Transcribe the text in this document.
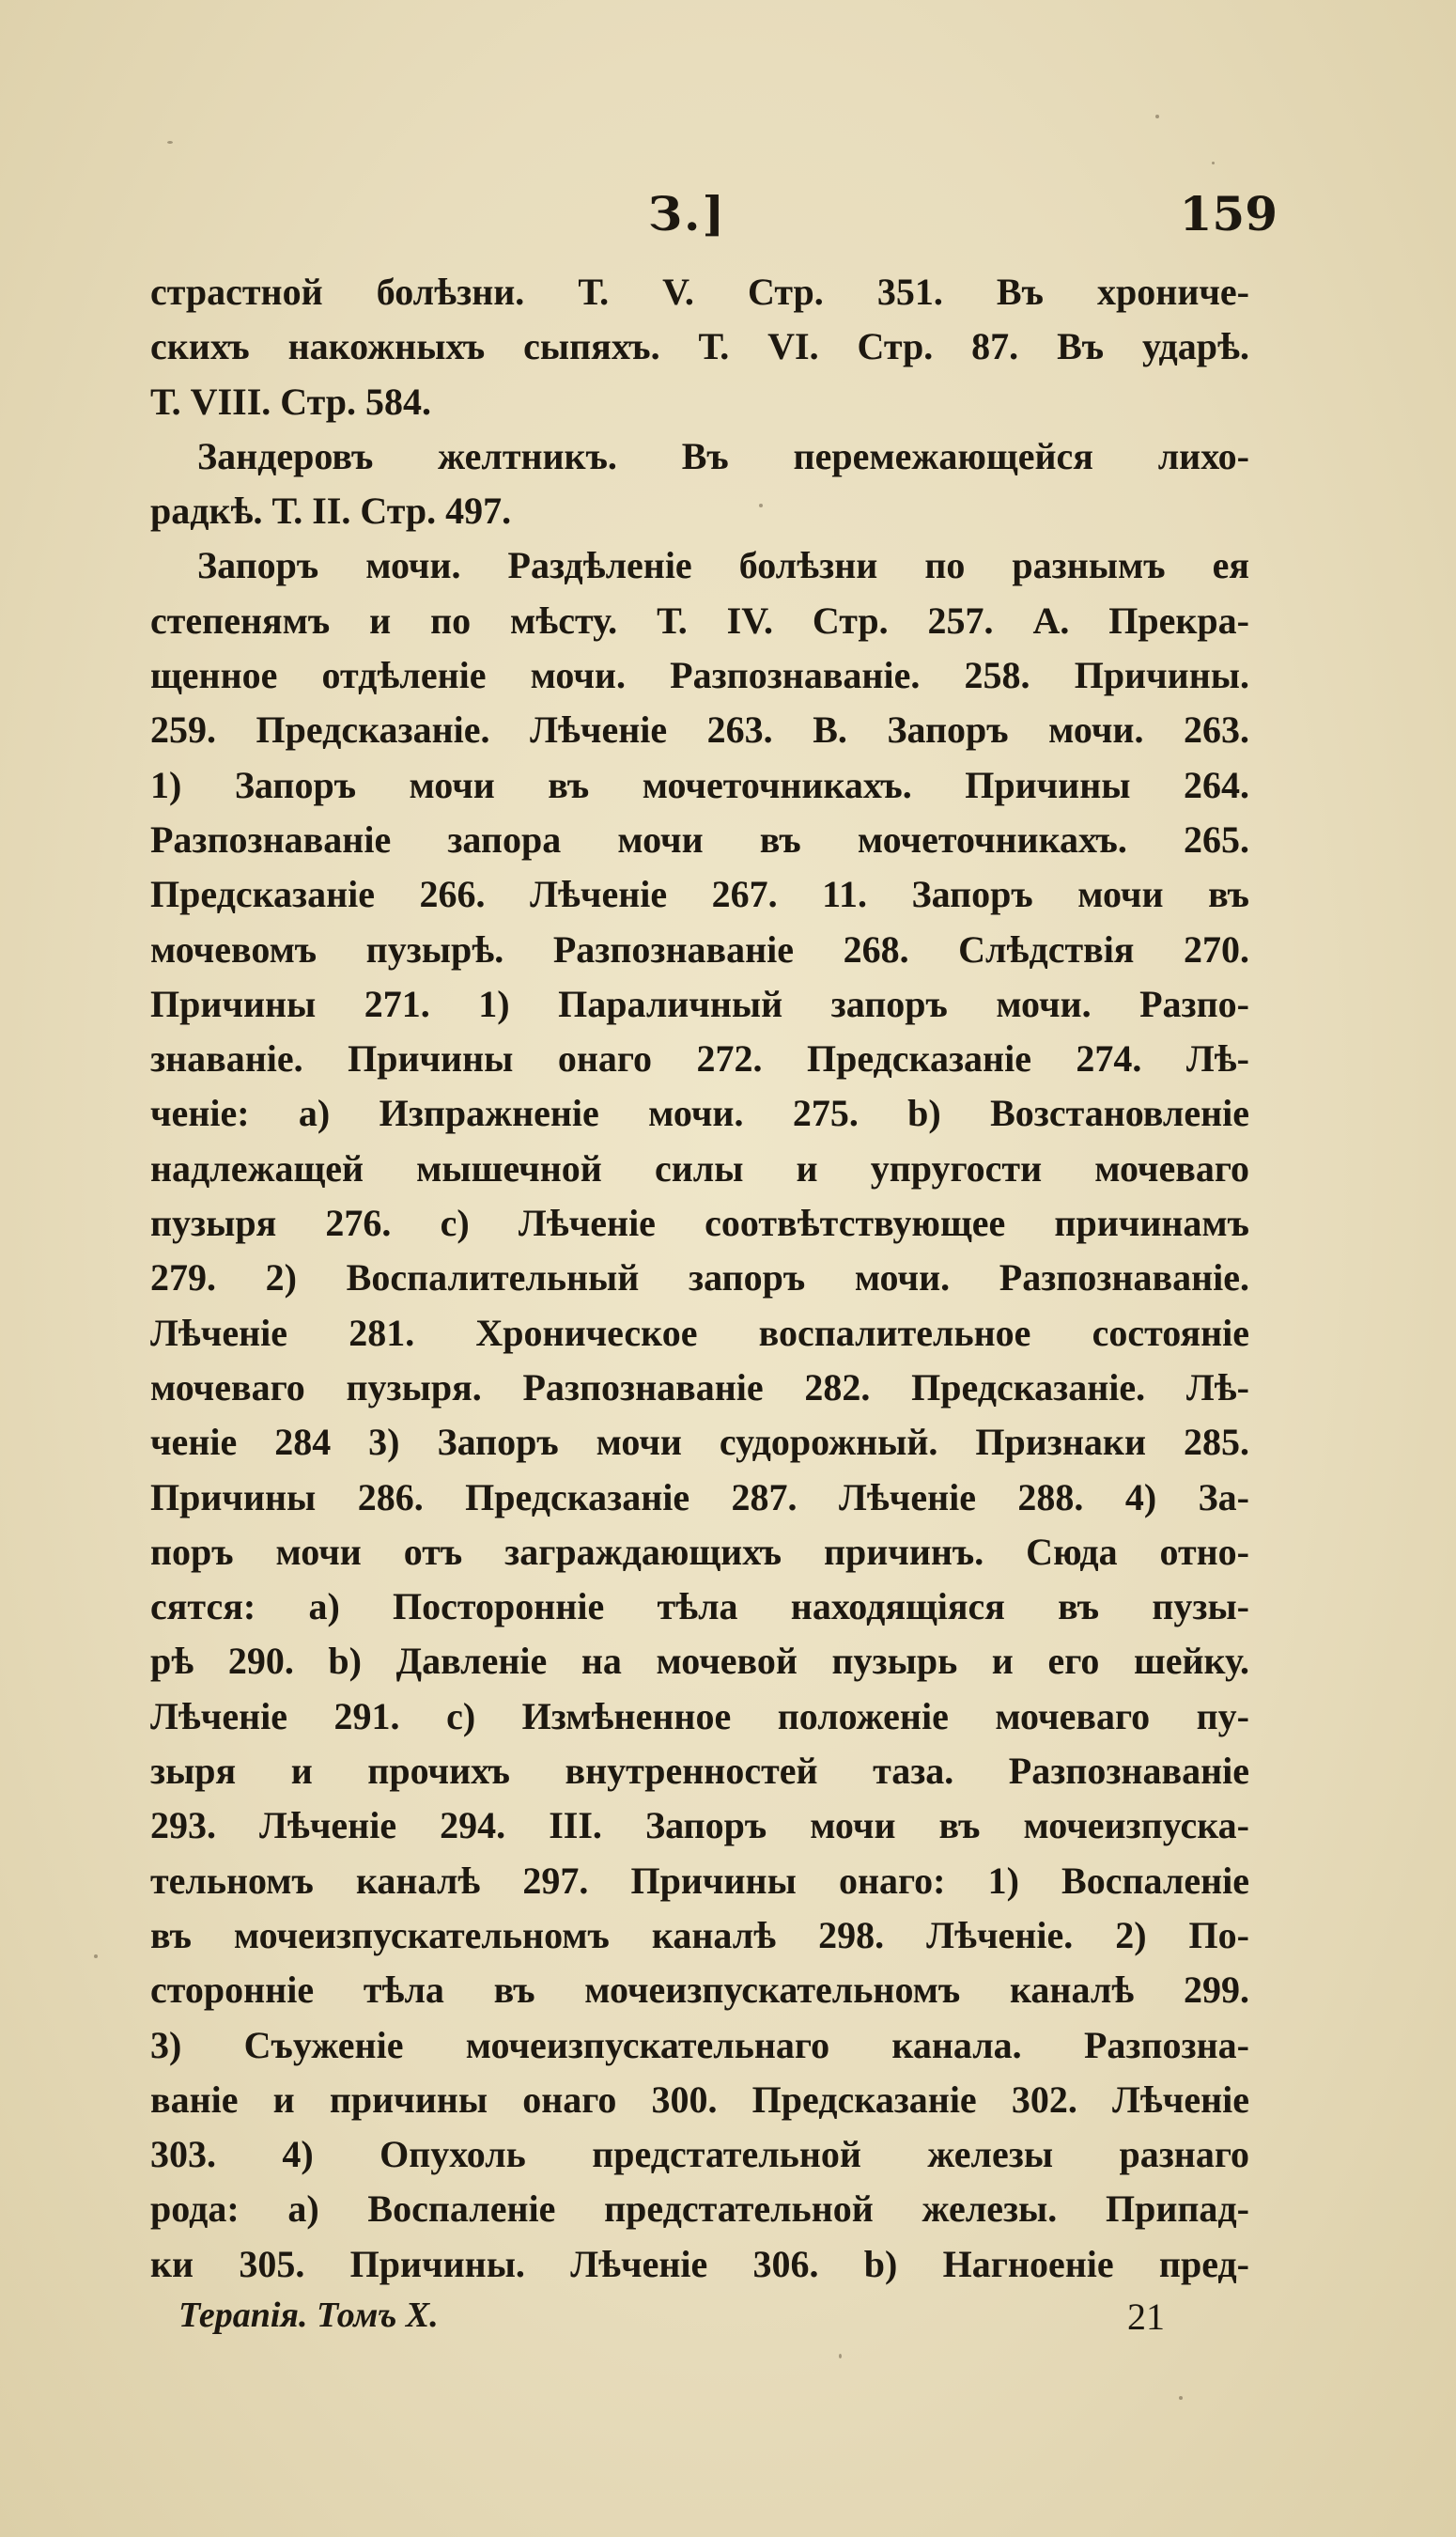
З.]	159
страстной болѣзни. Т. V. Стр. 351. Въ хрониче-
скихъ накожныхъ сыпяхъ. Т. VI. Стр. 87. Въ ударѣ.
Т. VIII. Стр. 584.
Зандеровъ желтникъ. Въ перемежающейся лихо-
радкѣ. Т. II. Стр. 497.
Запоръ мочи. Раздѣленіе болѣзни по разнымъ ея
степенямъ и по мѣсту. Т. IV. Стр. 257. А. Прекра-
щенное отдѣленіе мочи. Разпознаваніе. 258. Причины.
259. Предсказаніе. Лѣченіе 263. В. Запоръ мочи. 263.
1) Запоръ мочи въ мочеточникахъ. Причины 264.
Разпознаваніе запора мочи въ мочеточникахъ. 265.
Предсказаніе 266. Лѣченіе 267. 11. Запоръ мочи въ
мочевомъ пузырѣ. Разпознаваніе 268. Слѣдствія 270.
Причины 271. 1) Параличный запоръ мочи. Разпо-
знаваніе. Причины онаго 272. Предсказаніе 274. Лѣ-
ченіе: а) Изпражненіе мочи. 275. b) Возстановленіе
надлежащей мышечной силы и упругости мочеваго
пузыря 276. с) Лѣченіе соотвѣтствующее причинамъ
279. 2) Воспалительный запоръ мочи. Разпознаваніе.
Лѣченіе 281. Хроническое воспалительное состояніе
мочеваго пузыря. Разпознаваніе 282. Предсказаніе. Лѣ-
ченіе 284 3) Запоръ мочи судорожный. Признаки 285.
Причины 286. Предсказаніе 287. Лѣченіе 288. 4) За-
поръ мочи отъ заграждающихъ причинъ. Сюда отно-
сятся: а) Посторонніе тѣла находящіяся въ пузы-
рѣ 290. b) Давленіе на мочевой пузырь и его шейку.
Лѣченіе 291. с) Измѣненное положеніе мочеваго пу-
зыря и прочихъ внутренностей таза. Разпознаваніе
293. Лѣченіе 294. III. Запоръ мочи въ мочеизпуска-
тельномъ каналѣ 297. Причины онаго: 1) Воспаленіе
въ мочеизпускательномъ каналѣ 298. Лѣченіе. 2) По-
сторонніе тѣла въ мочеизпускательномъ каналѣ 299.
3) Съуженіе мочеизпускательнаго канала. Разпозна-
ваніе и причины онаго 300. Предсказаніе 302. Лѣченіе
303. 4) Опухоль предстательной железы разнаго
рода: а) Воспаленіе предстательной железы. Припад-
ки 305. Причины. Лѣченіе 306. b) Нагноеніе пред-
Терапія. Томъ X.	21
